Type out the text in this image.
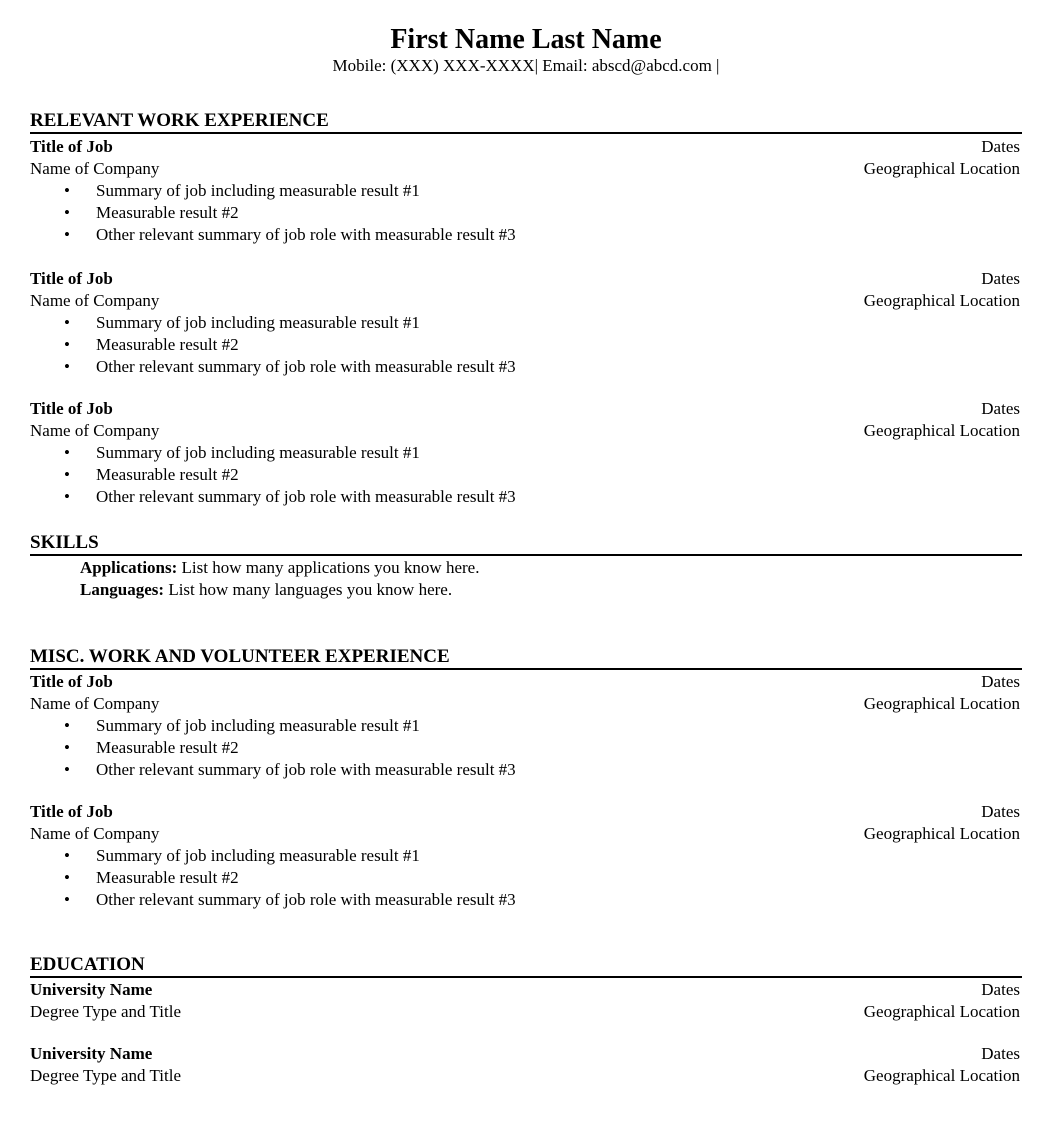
First Name Last Name
Mobile: (XXX) XXX-XXXX| Email: abscd@abcd.com |
RELEVANT WORK EXPERIENCE
Title of Job	Dates
Name of Company	Geographical Location
• Summary of job including measurable result #1
• Measurable result #2
• Other relevant summary of job role with measurable result #3
Title of Job	Dates
Name of Company	Geographical Location
• Summary of job including measurable result #1
• Measurable result #2
• Other relevant summary of job role with measurable result #3
Title of Job	Dates
Name of Company	Geographical Location
• Summary of job including measurable result #1
• Measurable result #2
• Other relevant summary of job role with measurable result #3
SKILLS
Applications: List how many applications you know here.
Languages: List how many languages you know here.
MISC. WORK AND VOLUNTEER EXPERIENCE
Title of Job	Dates
Name of Company	Geographical Location
• Summary of job including measurable result #1
• Measurable result #2
• Other relevant summary of job role with measurable result #3
Title of Job	Dates
Name of Company	Geographical Location
• Summary of job including measurable result #1
• Measurable result #2
• Other relevant summary of job role with measurable result #3
EDUCATION
University Name	Dates
Degree Type and Title	Geographical Location
University Name	Dates
Degree Type and Title	Geographical Location
